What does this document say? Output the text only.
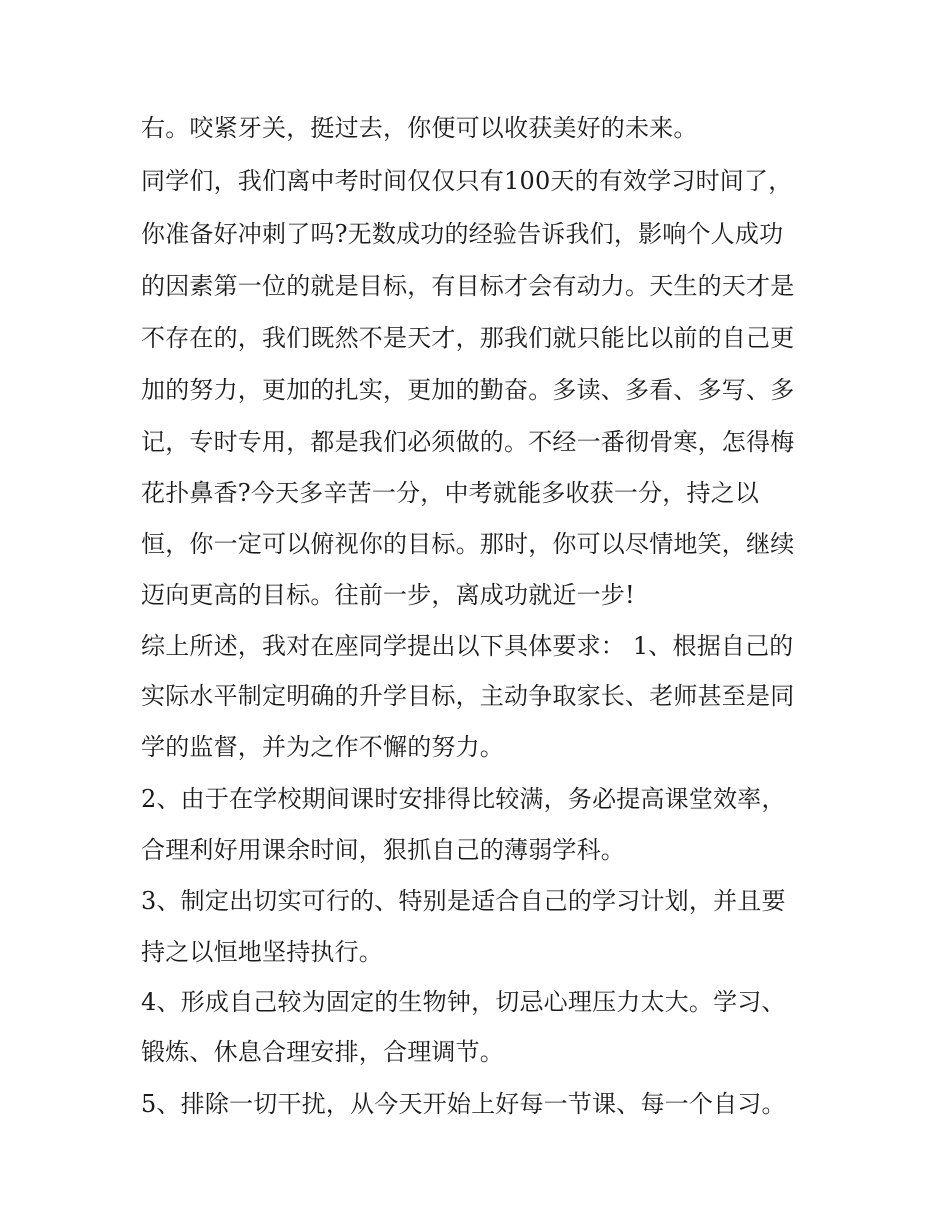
右。咬紧牙关，挺过去，你便可以收获美好的未来。
同学们，我们离中考时间仅仅只有100天的有效学习时间了，
你准备好冲刺了吗?无数成功的经验告诉我们，影响个人成功
的因素第一位的就是目标，有目标才会有动力。天生的天才是
不存在的，我们既然不是天才，那我们就只能比以前的自己更
加的努力，更加的扎实，更加的勤奋。多读、多看、多写、多
记，专时专用，都是我们必须做的。不经一番彻骨寒，怎得梅
花扑鼻香?今天多辛苦一分，中考就能多收获一分，持之以
恒，你一定可以俯视你的目标。那时，你可以尽情地笑，继续
迈向更高的目标。往前一步，离成功就近一步!
综上所述，我对在座同学提出以下具体要求： 1、根据自己的
实际水平制定明确的升学目标，主动争取家长、老师甚至是同
学的监督，并为之作不懈的努力。
2、由于在学校期间课时安排得比较满，务必提高课堂效率，
合理利好用课余时间，狠抓自己的薄弱学科。
3、制定出切实可行的、特别是适合自己的学习计划，并且要
持之以恒地坚持执行。
4、形成自己较为固定的生物钟，切忌心理压力太大。学习、
锻炼、休息合理安排，合理调节。
5、排除一切干扰，从今天开始上好每一节课、每一个自习。
